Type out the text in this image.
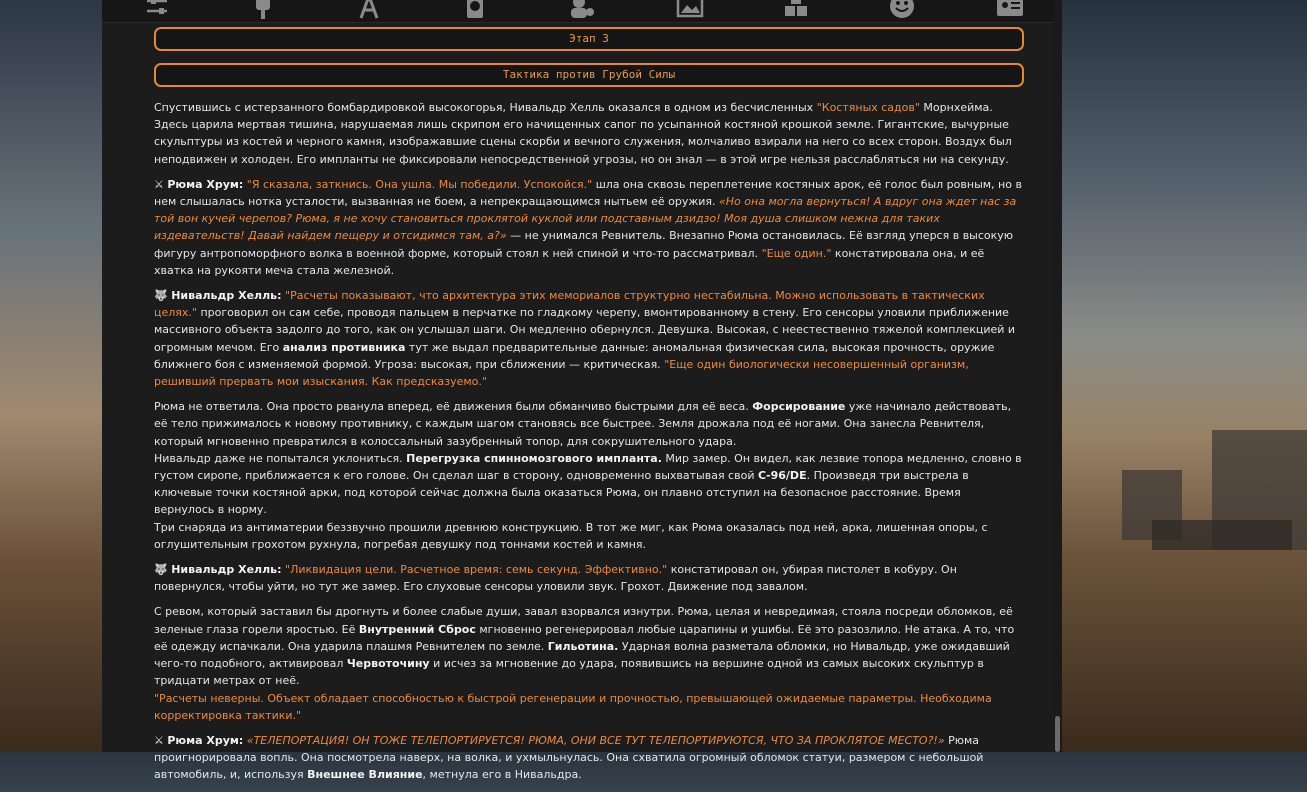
Этап 3
Тактика против Грубой Силы
Спустившись с истерзанного бомбардировкой высокогорья, Нивальдр Хелль оказался в одном из бесчисленных "Костяных садов" Морнхейма. Здесь царила мертвая тишина, нарушаемая лишь скрипом его начищенных сапог по усыпанной костяной крошкой земле. Гигантские, вычурные скульптуры из костей и черного камня, изображавшие сцены скорби и вечного служения, молчаливо взирали на него со всех сторон. Воздух был неподвижен и холоден. Его импланты не фиксировали непосредственной угрозы, но он знал — в этой игре нельзя расслабляться ни на секунду.
⚔ Рюма Хрум: "Я сказала, заткнись. Она ушла. Мы победили. Успокойся." шла она сквозь переплетение костяных арок, её голос был ровным, но в нем слышалась нотка усталости, вызванная не боем, а непрекращающимся нытьем её оружия. «Но она могла вернуться! А вдруг она ждет нас за той вон кучей черепов? Рюма, я не хочу становиться проклятой куклой или подставным дзидзо! Моя душа слишком нежна для таких издевательств! Давай найдем пещеру и отсидимся там, а?» — не унимался Ревнитель. Внезапно Рюма остановилась. Её взгляд уперся в высокую фигуру антропоморфного волка в военной форме, который стоял к ней спиной и что-то рассматривал. "Еще один." констатировала она, и её хватка на рукояти меча стала железной.
🐺 Нивальдр Хелль: "Расчеты показывают, что архитектура этих мемориалов структурно нестабильна. Можно использовать в тактических целях." проговорил он сам себе, проводя пальцем в перчатке по гладкому черепу, вмонтированному в стену. Его сенсоры уловили приближение массивного объекта задолго до того, как он услышал шаги. Он медленно обернулся. Девушка. Высокая, с неестественно тяжелой комплекцией и огромным мечом. Его анализ противника тут же выдал предварительные данные: аномальная физическая сила, высокая прочность, оружие ближнего боя с изменяемой формой. Угроза: высокая, при сближении — критическая. "Еще один биологически несовершенный организм, решивший прервать мои изыскания. Как предсказуемо."
Рюма не ответила. Она просто рванула вперед, её движения были обманчиво быстрыми для её веса. Форсирование уже начинало действовать, её тело прижималось к новому противнику, с каждым шагом становясь все быстрее. Земля дрожала под её ногами. Она занесла Ревнителя, который мгновенно превратился в колоссальный зазубренный топор, для сокрушительного удара.
Нивальдр даже не попытался уклониться. Перегрузка спинномозгового импланта. Мир замер. Он видел, как лезвие топора медленно, словно в густом сиропе, приближается к его голове. Он сделал шаг в сторону, одновременно выхватывая свой С-96/DE. Произведя три выстрела в ключевые точки костяной арки, под которой сейчас должна была оказаться Рюма, он плавно отступил на безопасное расстояние. Время вернулось в норму.
Три снаряда из антиматерии беззвучно прошили древнюю конструкцию. В тот же миг, как Рюма оказалась под ней, арка, лишенная опоры, с оглушительным грохотом рухнула, погребая девушку под тоннами костей и камня.
🐺 Нивальдр Хелль: "Ликвидация цели. Расчетное время: семь секунд. Эффективно." констатировал он, убирая пистолет в кобуру. Он повернулся, чтобы уйти, но тут же замер. Его слуховые сенсоры уловили звук. Грохот. Движение под завалом.
С ревом, который заставил бы дрогнуть и более слабые души, завал взорвался изнутри. Рюма, целая и невредимая, стояла посреди обломков, её зеленые глаза горели яростью. Её Внутренний Сброс мгновенно регенерировал любые царапины и ушибы. Её это разозлило. Не атака. А то, что её одежду испачкали. Она ударила плашмя Ревнителем по земле. Гильотина. Ударная волна разметала обломки, но Нивальдр, уже ожидавший чего-то подобного, активировал Червоточину и исчез за мгновение до удара, появившись на вершине одной из самых высоких скульптур в тридцати метрах от неё.
"Расчеты неверны. Объект обладает способностью к быстрой регенерации и прочностью, превышающей ожидаемые параметры. Необходима корректировка тактики."
⚔ Рюма Хрум: «ТЕЛЕПОРТАЦИЯ! ОН ТОЖЕ ТЕЛЕПОРТИРУЕТСЯ! РЮМА, ОНИ ВСЕ ТУТ ТЕЛЕПОРТИРУЮТСЯ, ЧТО ЗА ПРОКЛЯТОЕ МЕСТО?!» Рюма проигнорировала вопль. Она посмотрела наверх, на волка, и ухмыльнулась. Она схватила огромный обломок статуи, размером с небольшой автомобиль, и, используя Внешнее Влияние, метнула его в Нивальдра.
